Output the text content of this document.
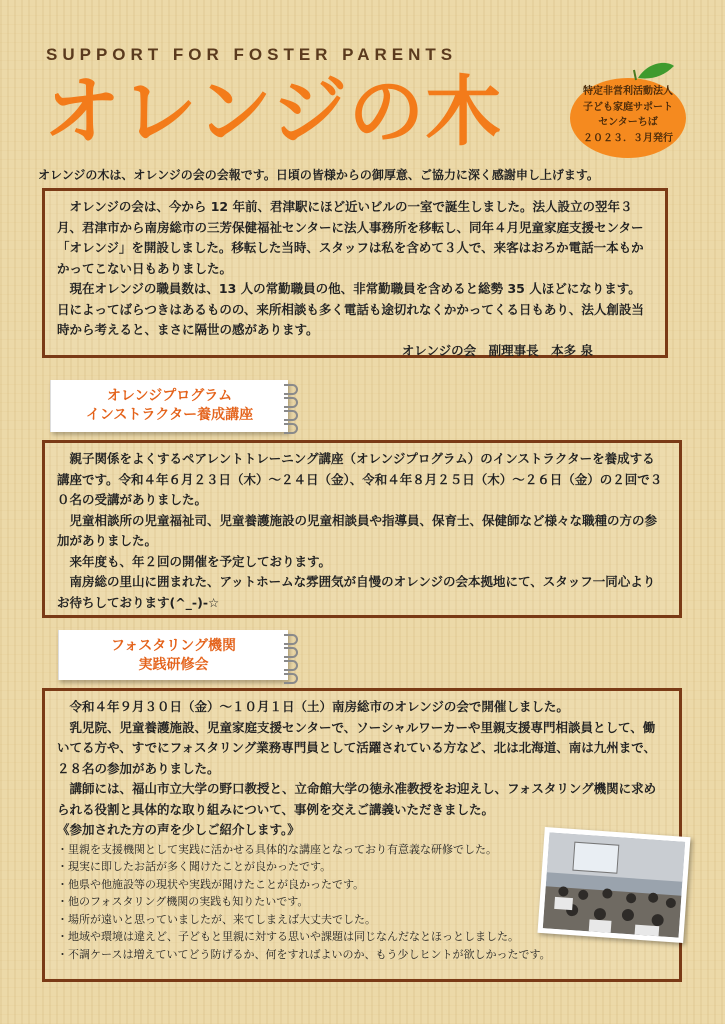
SUPPORT FOR FOSTER PARENTS
オレンジの木	特定非営利活動法人
子ども家庭サポート
センターちば
２０２３．３月発行
オレンジの木は、オレンジの会の会報です。日頃の皆様からの御厚意、ご協力に深く感謝申し上げます。

オレンジの会は、今から 12 年前、君津駅にほど近いビルの一室で誕生しました。法人設立の翌年３月、君津市から南房総市の三芳保健福祉センターに法人事務所を移転し、同年４月児童家庭支援センター「オレンジ」を開設しました。移転した当時、スタッフは私を含めて３人で、来客はおろか電話一本もかかってこない日もありました。

現在オレンジの職員数は、13 人の常勤職員の他、非常勤職員を含めると総勢 35 人ほどになります。日によってばらつきはあるものの、来所相談も多く電話も途切れなくかかってくる日もあり、法人創設当時から考えると、まさに隔世の感があります。

オレンジの会　副理事長　本多 泉

オレンジプログラム
インストラクター養成講座

親子関係をよくするペアレントトレーニング講座（オレンジプログラム）のインストラクターを養成する講座です。令和４年６月２３日（木）～２４日（金）、令和４年８月２５日（木）～２６日（金）の２回で３０名の受講がありました。

児童相談所の児童福祉司、児童養護施設の児童相談員や指導員、保育士、保健師など様々な職種の方の参加がありました。

来年度も、年２回の開催を予定しております。

南房総の里山に囲まれた、アットホームな雰囲気が自慢のオレンジの会本拠地にて、スタッフ一同心よりお待ちしております(^_-)-☆

フォスタリング機関
実践研修会

令和４年９月３０日（金）～１０月１日（土）南房総市のオレンジの会で開催しました。

乳児院、児童養護施設、児童家庭支援センターで、ソーシャルワーカーや里親支援専門相談員として、働いてる方や、すでにフォスタリング業務専門員として活躍されている方など、北は北海道、南は九州まで、２８名の参加がありました。

講師には、福山市立大学の野口教授と、立命館大学の徳永准教授をお迎えし、フォスタリング機関に求められる役割と具体的な取り組みについて、事例を交えご講義いただきました。

《参加された方の声を少しご紹介します。》

・里親を支援機関として実践に活かせる具体的な講座となっており有意義な研修でした。
・現実に即したお話が多く聞けたことが良かったです。
・他県や他施設等の現状や実践が聞けたことが良かったです。
・他のフォスタリング機関の実践も知りたいです。
・場所が遠いと思っていましたが、来てしまえば大丈夫でした。
・地域や環境は違えど、子どもと里親に対する思いや課題は同じなんだなとほっとしました。
・不調ケースは増えていてどう防げるか、何をすればよいのか、もう少しヒントが欲しかったです。
